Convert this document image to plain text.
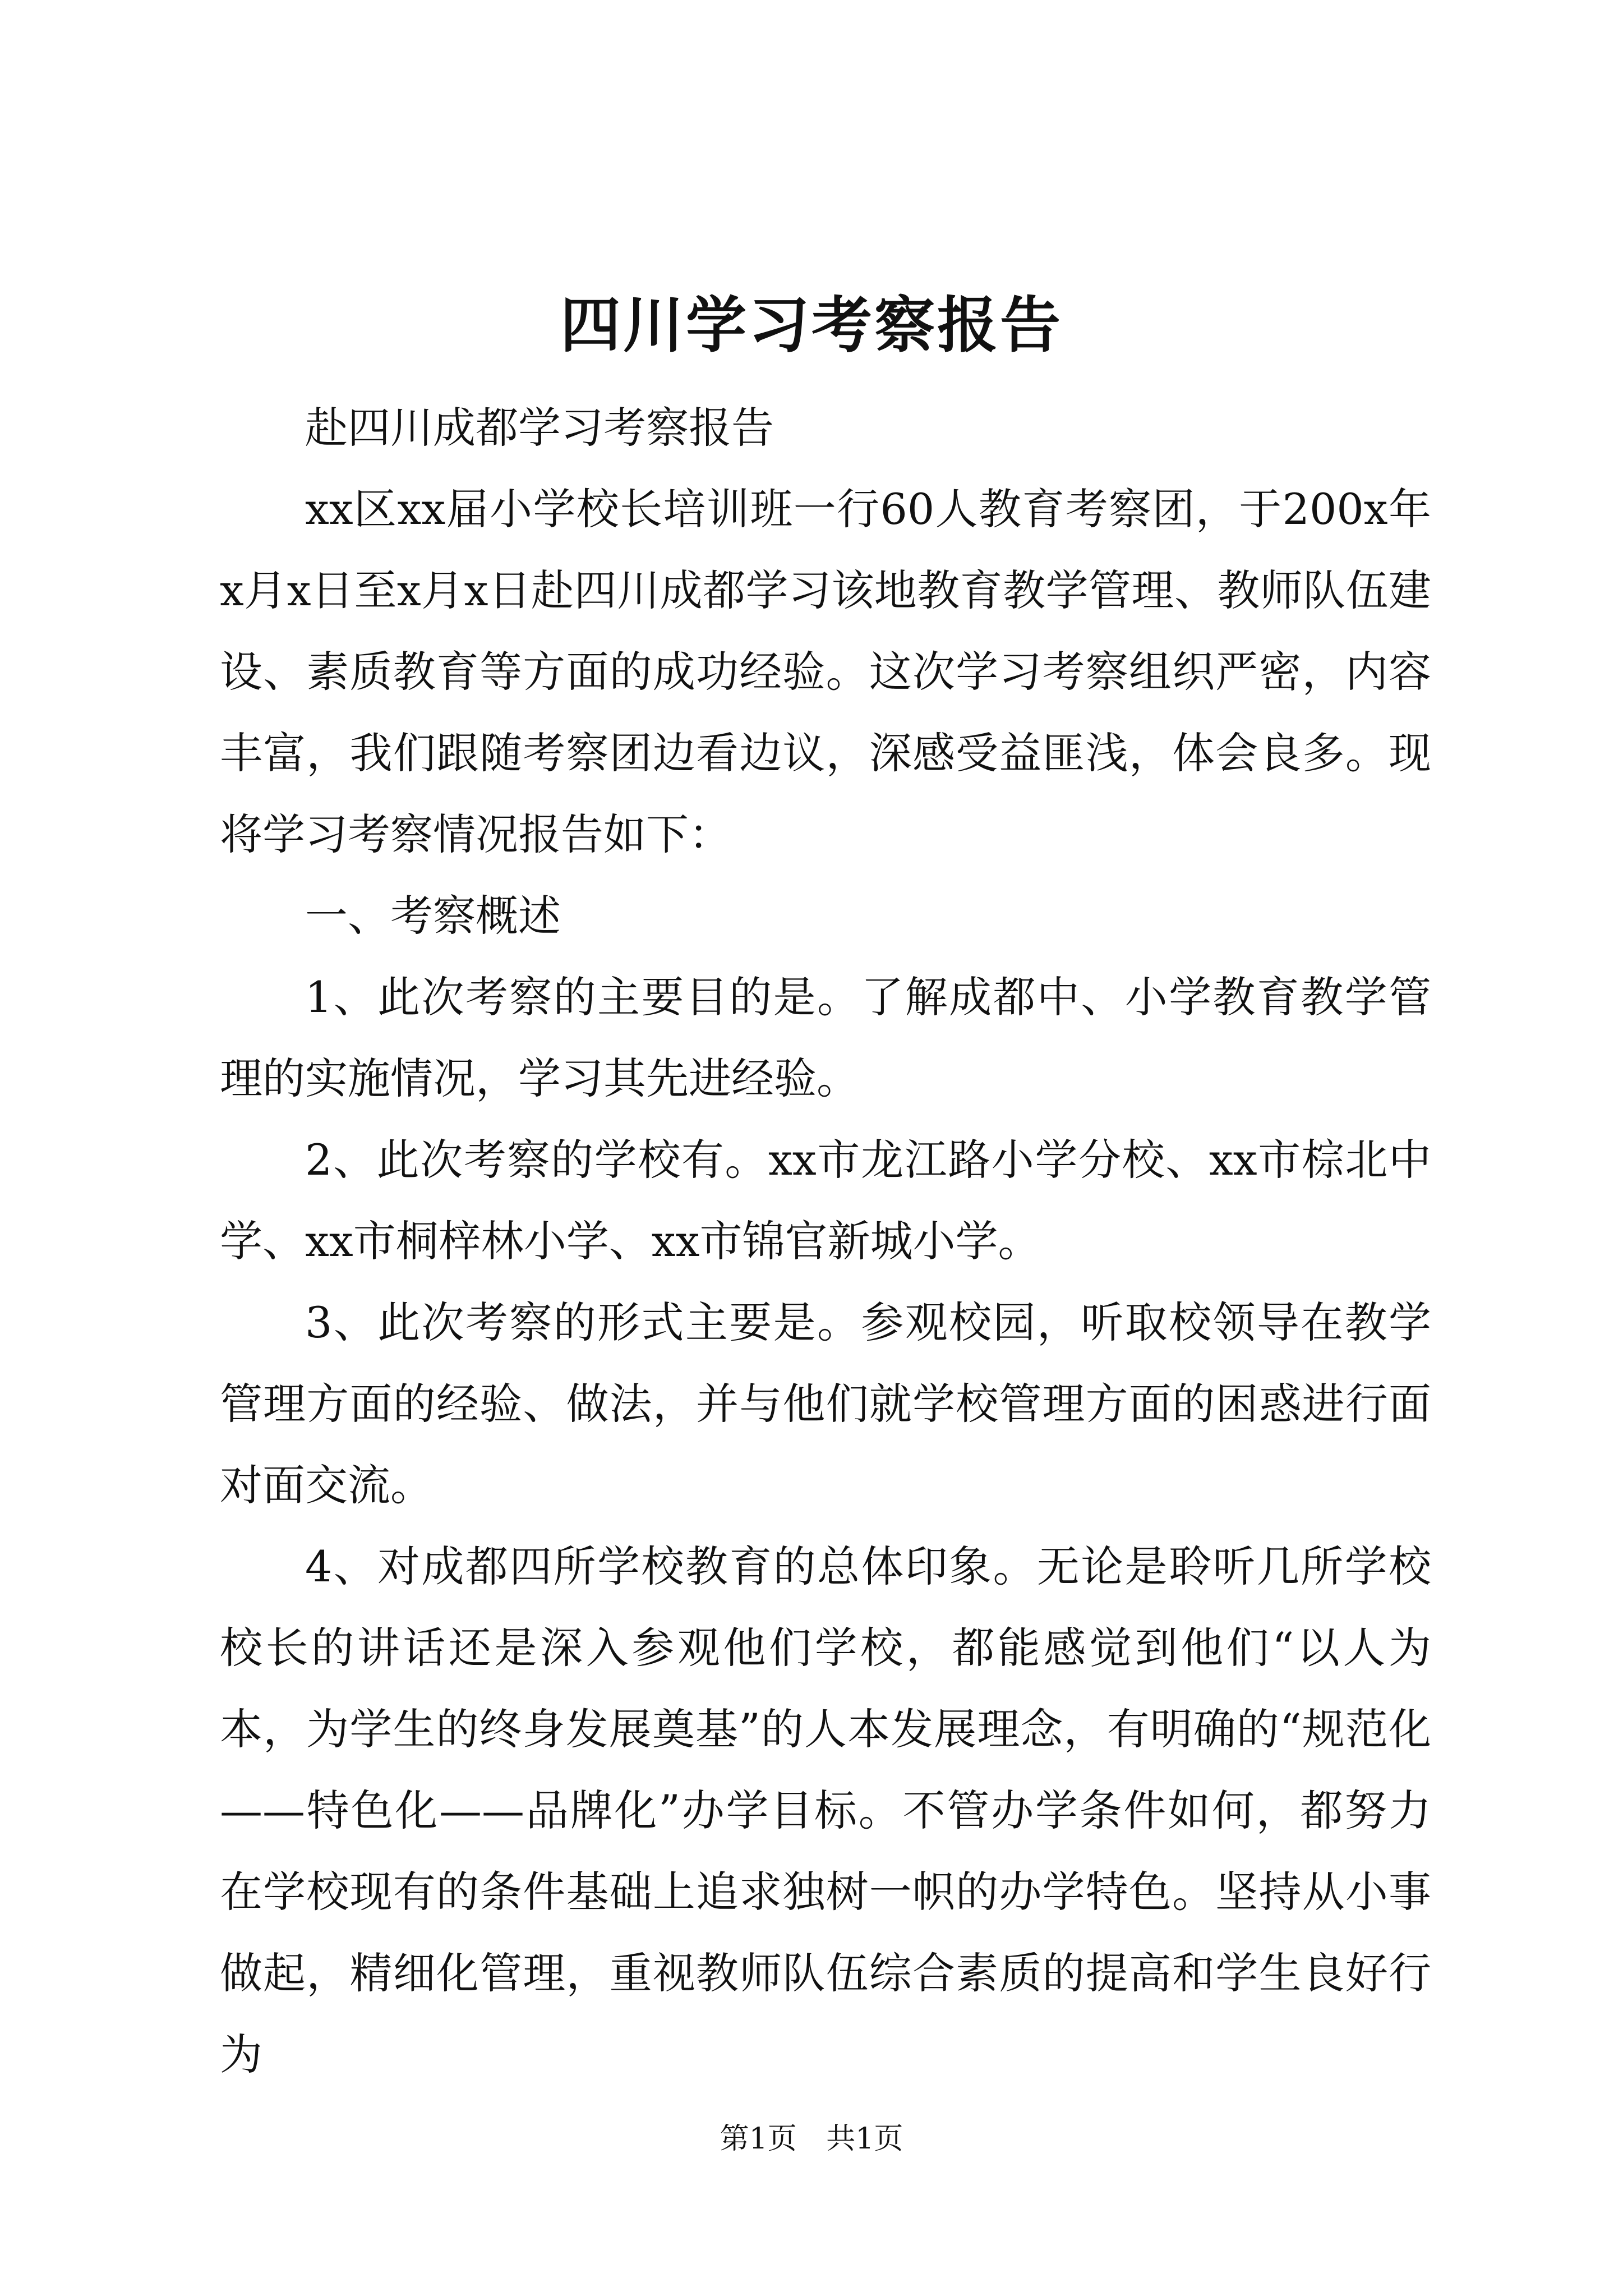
四川学习考察报告

赴四川成都学习考察报告

xx区xx届小学校长培训班一行60人教育考察团，于200x年x月x日至x月x日赴四川成都学习该地教育教学管理、教师队伍建设、素质教育等方面的成功经验。这次学习考察组织严密，内容丰富，我们跟随考察团边看边议，深感受益匪浅，体会良多。现将学习考察情况报告如下：

一、考察概述

1、此次考察的主要目的是。了解成都中、小学教育教学管理的实施情况，学习其先进经验。

2、此次考察的学校有。xx市龙江路小学分校、xx市棕北中学、xx市桐梓林小学、xx市锦官新城小学。

3、此次考察的形式主要是。参观校园，听取校领导在教学管理方面的经验、做法，并与他们就学校管理方面的困惑进行面对面交流。

4、对成都四所学校教育的总体印象。无论是聆听几所学校校长的讲话还是深入参观他们学校，都能感觉到他们“以人为本，为学生的终身发展奠基”的人本发展理念，有明确的“规范化——特色化——品牌化”办学目标。不管办学条件如何，都努力在学校现有的条件基础上追求独树一帜的办学特色。坚持从小事做起，精细化管理，重视教师队伍综合素质的提高和学生良好行为

第1页 共1页
